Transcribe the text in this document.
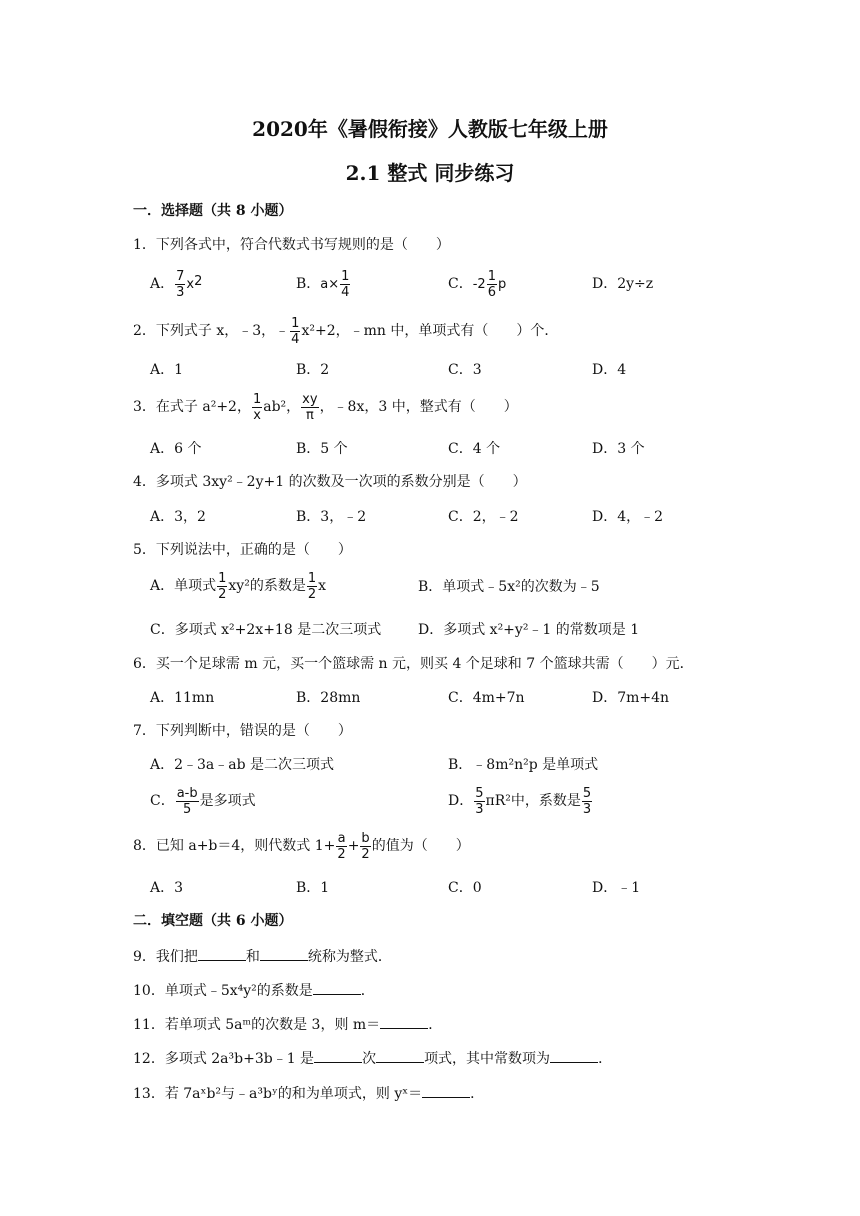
2020年《暑假衔接》人教版七年级上册
2.1 整式 同步练习
一．选择题（共 8 小题）
1．下列各式中，符合代数式书写规则的是（　　）
A． $\frac{7}{3} x^2$	B．$a\times \frac{1}{4}$	C．$-2 \frac{1}{6}$ p	D．2y÷z
2．下列式子 x，﹣3，﹣ $\frac{1}{4} x^2+2$，﹣mn 中，单项式有（　　）个．
A．1	B．2	C．3	D．4
3．在式子 a²+2， $\frac{1}{x} ab^2$， $\frac{xy}{\pi}$ ，﹣8x，3 中，整式有（　　）
A．6 个	B．5 个	C．4 个	D．3 个
4．多项式 3xy²﹣2y+1 的次数及一次项的系数分别是（　　）
A．3，2	B．3，﹣2	C．2，﹣2	D．4，﹣2
5．下列说法中，正确的是（　　）
A．单项式 $\frac{1}{2} xy^2$的系数是 $\frac{1}{2}$ x	B．单项式﹣5x²的次数为﹣5
C．多项式 x²+2x+18 是二次三项式	D．多项式 x²+y²﹣1 的常数项是 1
6．买一个足球需 m 元，买一个篮球需 n 元，则买 4 个足球和 7 个篮球共需（　　）元．
A．11mn	B．28mn	C．4m+7n	D．7m+4n
7．下列判断中，错误的是（　　）
A．2﹣3a﹣ab 是二次三项式	B．﹣8m²n²p 是单项式
C． $\frac{a-b}{5}$ 是多项式	D． $\frac{5}{3} \pi R^2$中，系数是 $\frac{5}{3}$
8．已知 a+b＝4，则代数式 $1+ \frac{a}{2} + \frac{b}{2}$ 的值为（　　）
A．3	B．1	C．0	D．﹣1
二．填空题（共 6 小题）
9．我们把	和	统称为整式．
10．单项式﹣5x⁴y²的系数是	．
11．若单项式 5aᵐ的次数是 3，则 m＝	．
12．多项式 2a³b+3b﹣1 是	次	项式，其中常数项为	．
13．若 7aˣb²与﹣a³bʸ的和为单项式，则 yˣ＝	．
